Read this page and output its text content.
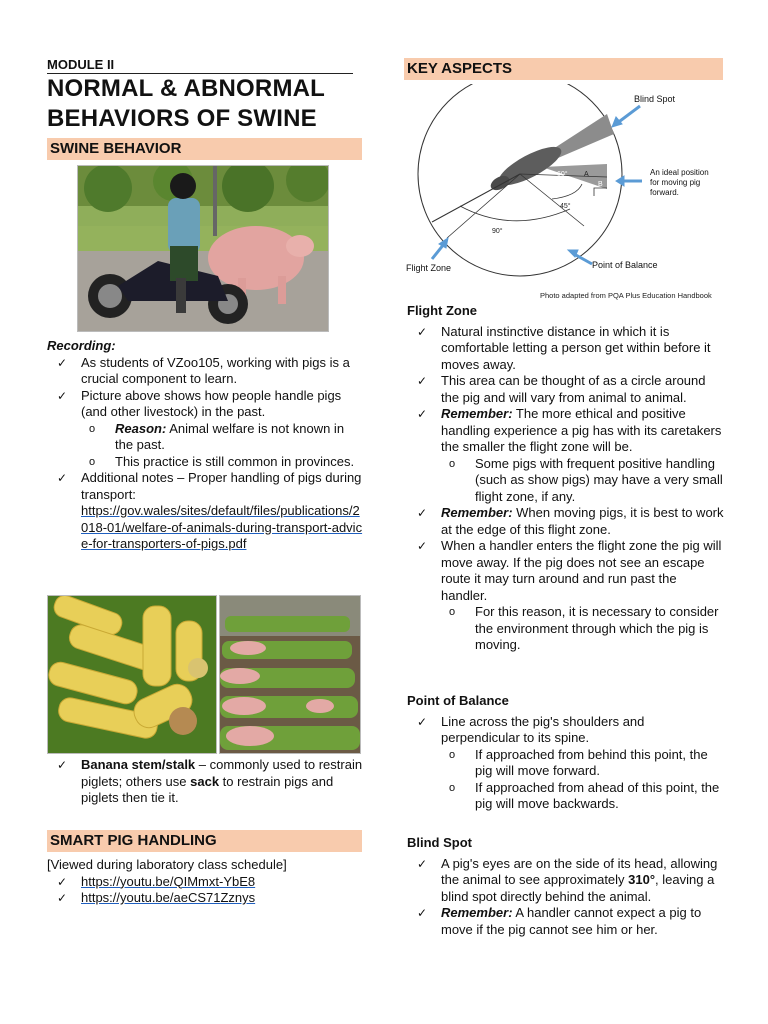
MODULE II
NORMAL & ABNORMAL
BEHAVIORS OF SWINE
SWINE BEHAVIOR
Recording:
✓ As students of VZoo105, working with pigs is a crucial component to learn.
✓ Picture above shows how people handle pigs (and other livestock) in the past.
o Reason: Animal welfare is not known in the past.
o This practice is still common in provinces.
✓ Additional notes – Proper handling of pigs during transport:
https://gov.wales/sites/default/files/publications/2018-01/welfare-of-animals-during-transport-advice-for-transporters-of-pigs.pdf
✓ Banana stem/stalk – commonly used to restrain piglets; others use sack to restrain pigs and piglets then tie it.
SMART PIG HANDLING
[Viewed during laboratory class schedule]
✓ https://youtu.be/QIMmxt-YbE8
✓ https://youtu.be/aeCS71Zznys
KEY ASPECTS
60°
45°
90°
A
B
Blind Spot
An ideal position
for moving pig
forward.
Flight Zone	Point of Balance
Photo adapted from PQA Plus Education Handbook
Flight Zone
✓ Natural instinctive distance in which it is comfortable letting a person get within before it moves away.
✓ This area can be thought of as a circle around the pig and will vary from animal to animal.
✓ Remember: The more ethical and positive handling experience a pig has with its caretakers the smaller the flight zone will be.
o Some pigs with frequent positive handling (such as show pigs) may have a very small flight zone, if any.
✓ Remember: When moving pigs, it is best to work at the edge of this flight zone.
✓ When a handler enters the flight zone the pig will move away. If the pig does not see an escape route it may turn around and run past the handler.
o For this reason, it is necessary to consider the environment through which the pig is moving.
Point of Balance
✓ Line across the pig's shoulders and perpendicular to its spine.
o If approached from behind this point, the pig will move forward.
o If approached from ahead of this point, the pig will move backwards.
Blind Spot
✓ A pig's eyes are on the side of its head, allowing the animal to see approximately 310°, leaving a blind spot directly behind the animal.
✓ Remember: A handler cannot expect a pig to move if the pig cannot see him or her.
